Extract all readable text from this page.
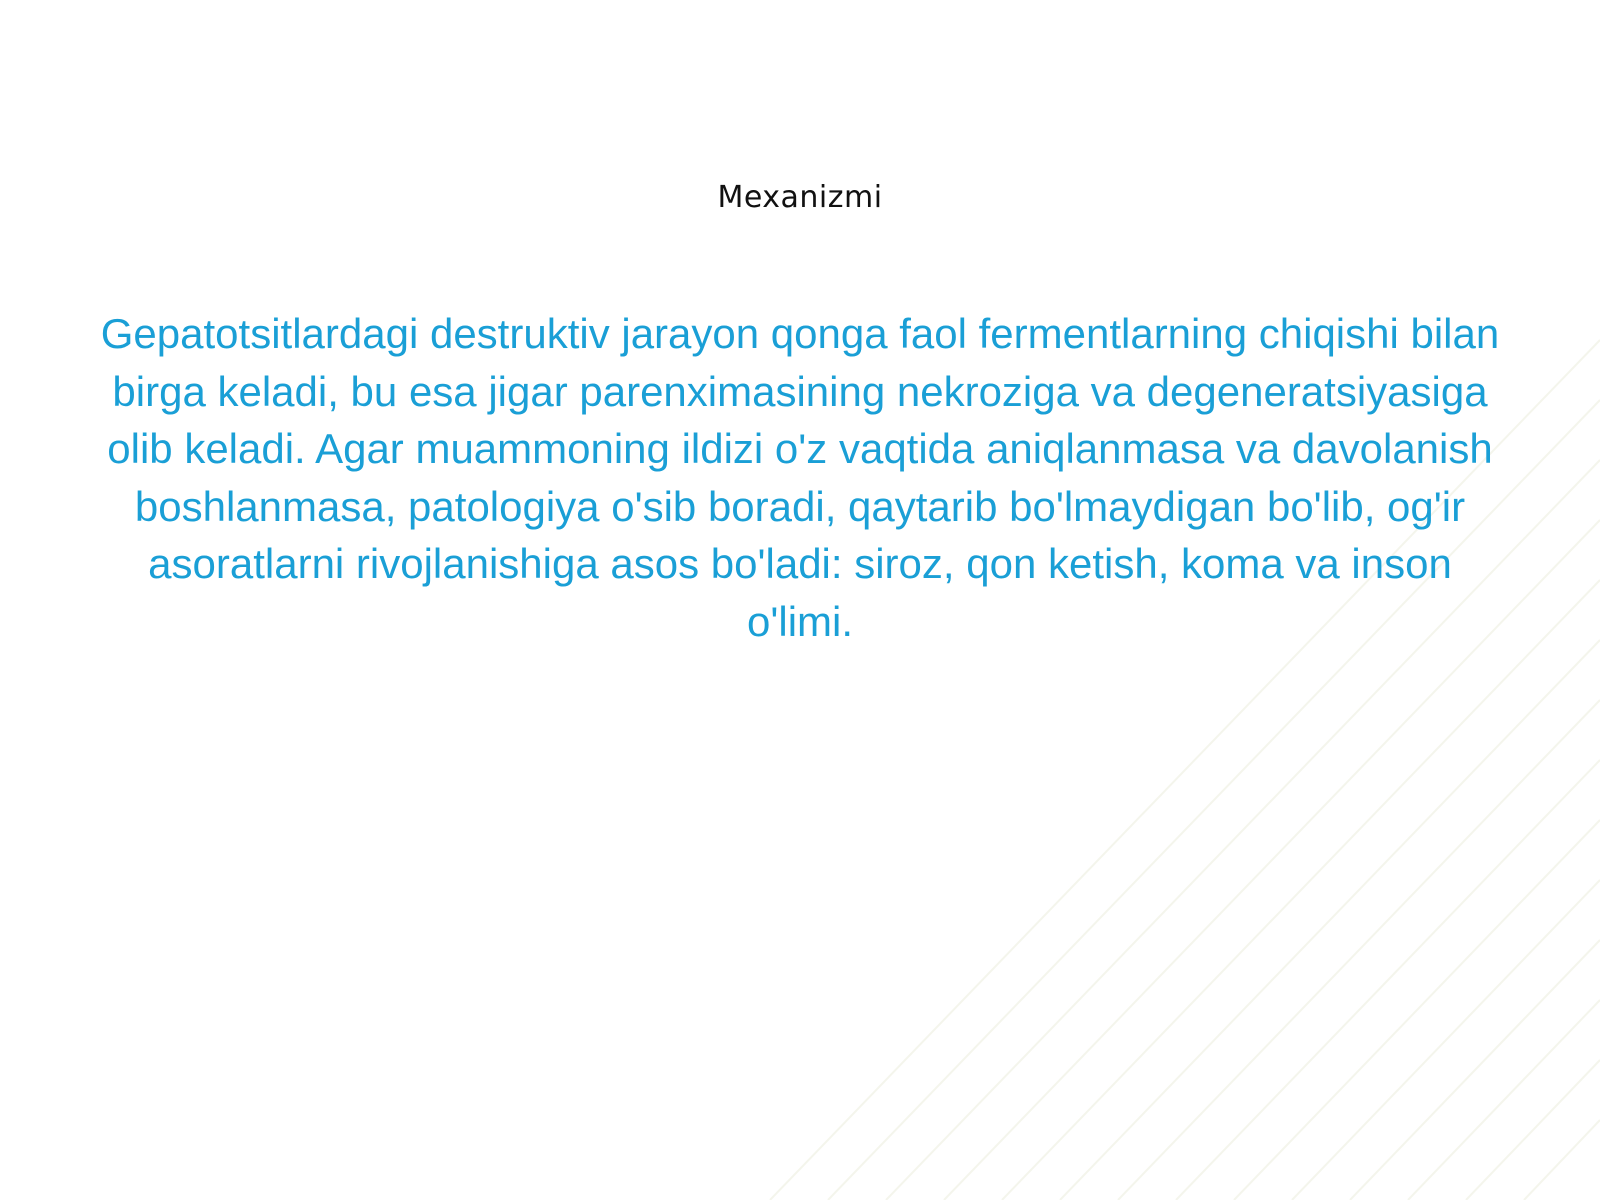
Mexanizmi
Gepatotsitlardagi destruktiv jarayon qonga faol fermentlarning chiqishi bilan birga keladi, bu esa jigar parenximasining nekroziga va degeneratsiyasiga olib keladi. Agar muammoning ildizi o'z vaqtida aniqlanmasa va davolanish boshlanmasa, patologiya o'sib boradi, qaytarib bo'lmaydigan bo'lib, og'ir asoratlarni rivojlanishiga asos bo'ladi: siroz, qon ketish, koma va inson o'limi.
